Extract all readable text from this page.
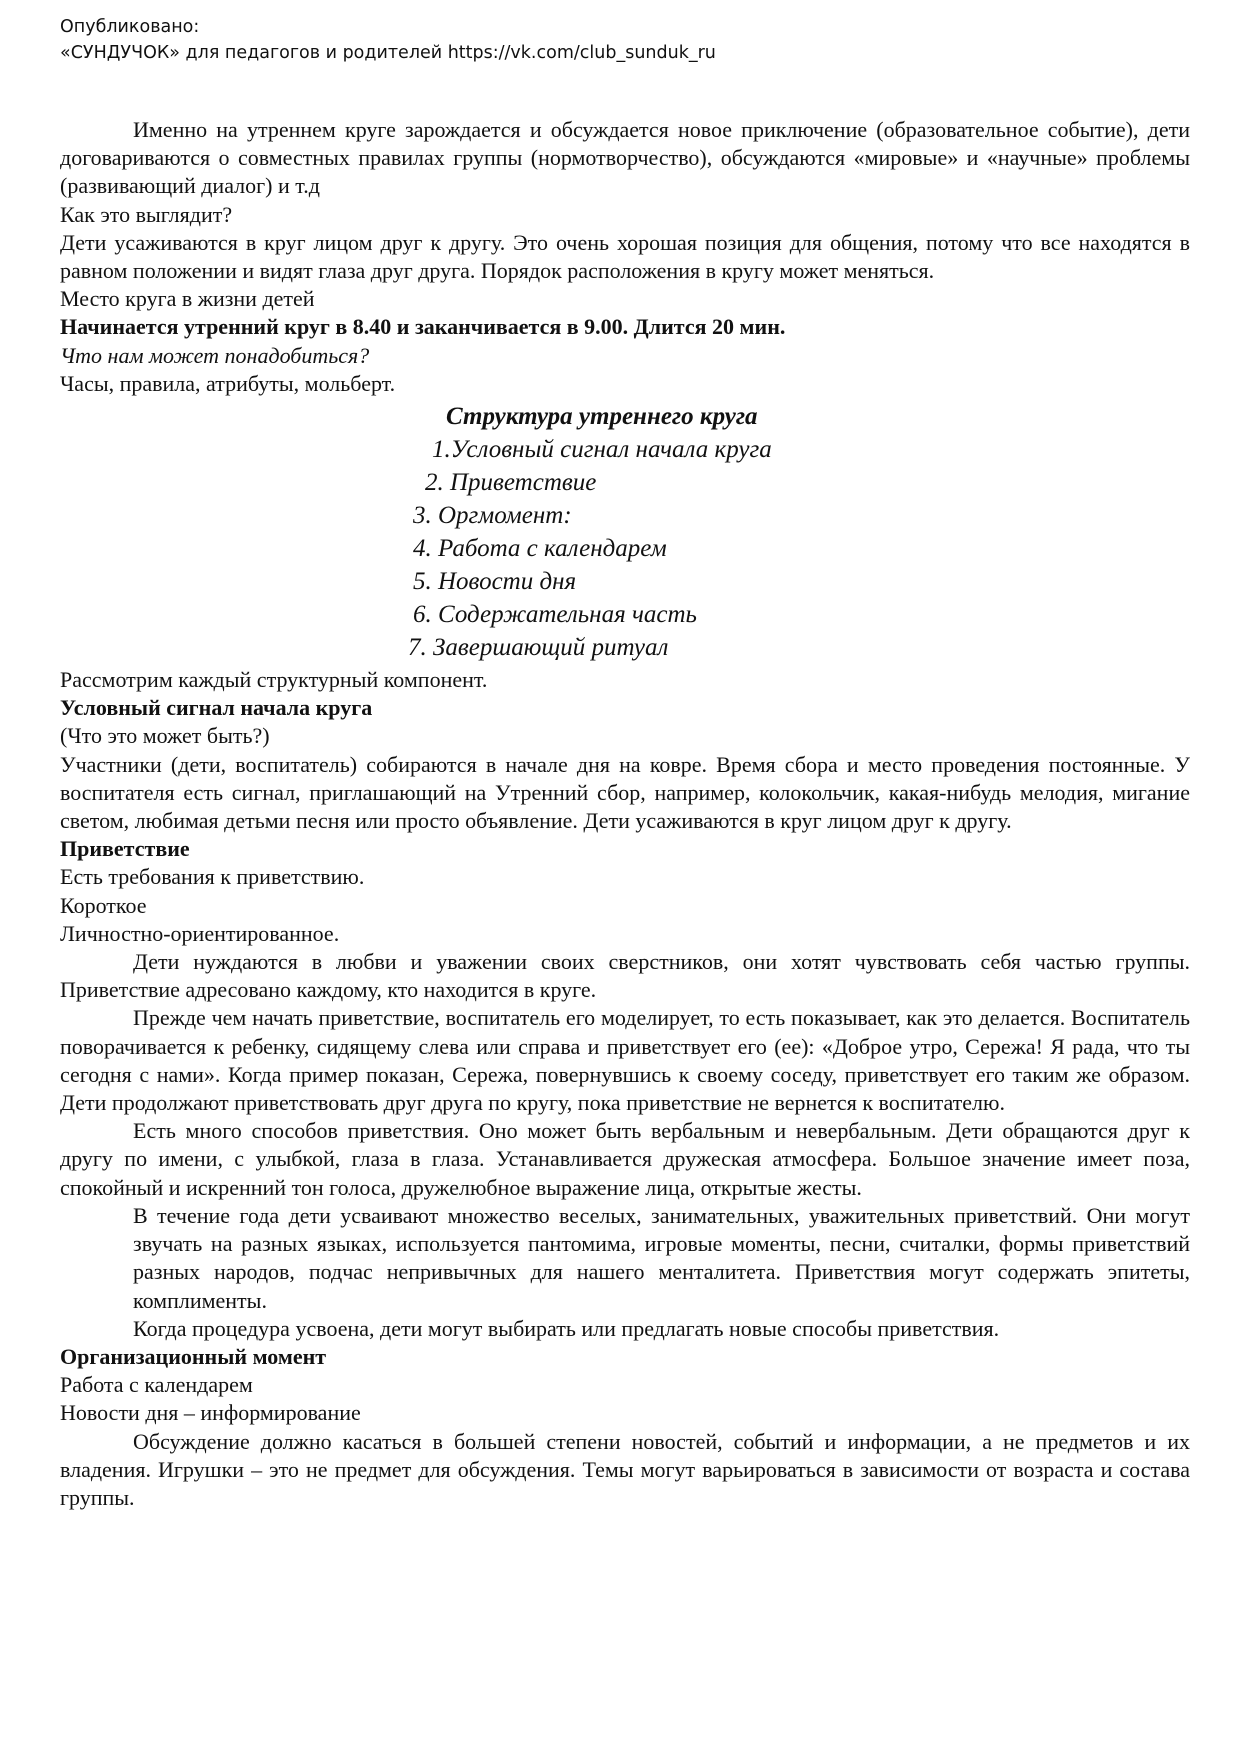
Опубликовано:
«СУНДУЧОК» для педагогов и родителей https://vk.com/club_sunduk_ru

Именно на утреннем круге зарождается и обсуждается новое приключение (образовательное событие), дети договариваются о совместных правилах группы (нормотворчество), обсуждаются «мировые» и «научные» проблемы (развивающий диалог) и т.д

Как это выглядит?

Дети усаживаются в круг лицом друг к другу. Это очень хорошая позиция для общения, потому что все находятся в равном положении и видят глаза друг друга. Порядок расположения в кругу может меняться.

Место круга в жизни детей

Начинается утренний круг в 8.40 и заканчивается в 9.00. Длится 20 мин.

Что нам может понадобиться?

Часы, правила, атрибуты, мольберт.

Структура утреннего круга
1.Условный сигнал начала круга
2. Приветствие
3. Оргмомент:
4. Работа с календарем
5. Новости дня
6. Содержательная часть
7. Завершающий ритуал

Рассмотрим каждый структурный компонент.

Условный сигнал начала круга

(Что это может быть?)

Участники (дети, воспитатель) собираются в начале дня на ковре. Время сбора и место проведения постоянные. У воспитателя есть сигнал, приглашающий на Утренний сбор, например, колокольчик, какая-нибудь мелодия, мигание светом, любимая детьми песня или просто объявление. Дети усаживаются в круг лицом друг к другу.

Приветствие

Есть требования к приветствию.

Короткое

Личностно-ориентированное.

Дети нуждаются в любви и уважении своих сверстников, они хотят чувствовать себя частью группы. Приветствие адресовано каждому, кто находится в круге.

Прежде чем начать приветствие, воспитатель его моделирует, то есть показывает, как это делается. Воспитатель поворачивается к ребенку, сидящему слева или справа и приветствует его (ее): «Доброе утро, Сережа! Я рада, что ты сегодня с нами». Когда пример показан, Сережа, повернувшись к своему соседу, приветствует его таким же образом. Дети продолжают приветствовать друг друга по кругу, пока приветствие не вернется к воспитателю.

Есть много способов приветствия. Оно может быть вербальным и невербальным. Дети обращаются друг к другу по имени, с улыбкой, глаза в глаза. Устанавливается дружеская атмосфера. Большое значение имеет поза, спокойный и искренний тон голоса, дружелюбное выражение лица, открытые жесты.

В течение года дети усваивают множество веселых, занимательных, уважительных приветствий. Они могут звучать на разных языках, используется пантомима, игровые моменты, песни, считалки, формы приветствий разных народов, подчас непривычных для нашего менталитета. Приветствия могут содержать эпитеты, комплименты.

Когда процедура усвоена, дети могут выбирать или предлагать новые способы приветствия.

Организационный момент

Работа с календарем

Новости дня – информирование

Обсуждение должно касаться в большей степени новостей, событий и информации, а не предметов и их владения. Игрушки – это не предмет для обсуждения. Темы могут варьироваться в зависимости от возраста и состава группы.
